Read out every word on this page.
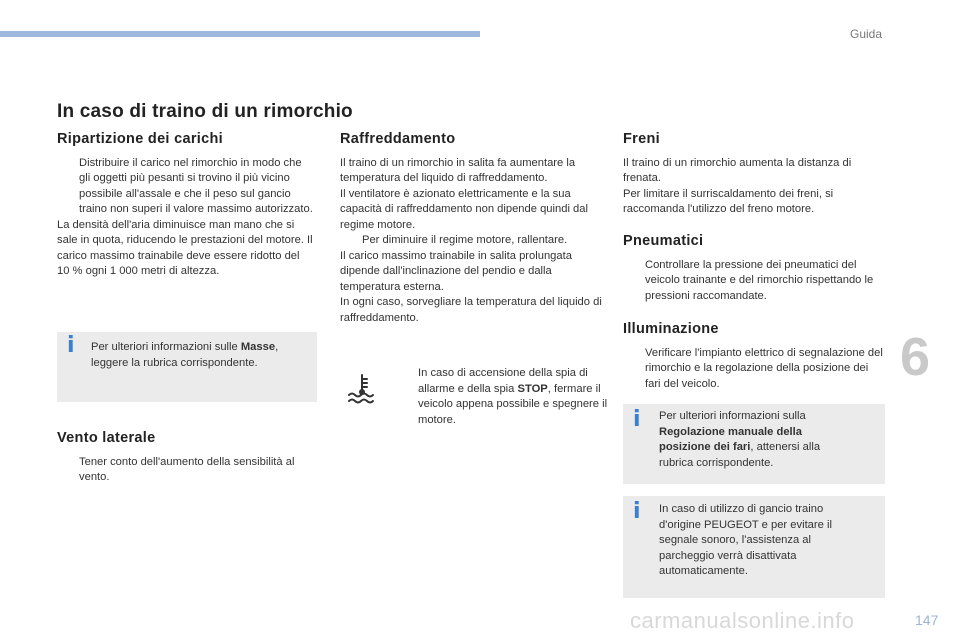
Guida
6
In caso di traino di un rimorchio
Ripartizione dei carichi

Distribuire il carico nel rimorchio in modo che gli oggetti più pesanti si trovino il più vicino possibile all'assale e che il peso sul gancio traino non superi il valore massimo autorizzato.

La densità dell'aria diminuisce man mano che si sale in quota, riducendo le prestazioni del motore. Il carico massimo trainabile deve essere ridotto del 10 % ogni 1 000 metri di altezza.

i Per ulteriori informazioni sulle Masse, leggere la rubrica corrispondente.
Vento laterale

Tener conto dell'aumento della sensibilità al vento.

Raffreddamento

Il traino di un rimorchio in salita fa aumentare la temperatura del liquido di raffreddamento.

Il ventilatore è azionato elettricamente e la sua capacità di raffreddamento non dipende quindi dal regime motore.

Per diminuire il regime motore, rallentare.

Il carico massimo trainabile in salita prolungata dipende dall'inclinazione del pendio e dalla temperatura esterna.

In ogni caso, sorvegliare la temperatura del liquido di raffreddamento.

In caso di accensione della spia di allarme e della spia STOP, fermare il veicolo appena possibile e spegnere il motore.
Freni

Il traino di un rimorchio aumenta la distanza di frenata.

Per limitare il surriscaldamento dei freni, si raccomanda l'utilizzo del freno motore.

Pneumatici

Controllare la pressione dei pneumatici del veicolo trainante e del rimorchio rispettando le pressioni raccomandate.

Illuminazione

Verificare l'impianto elettrico di segnalazione del rimorchio e la regolazione della posizione dei fari del veicolo.

i Per ulteriori informazioni sulla Regolazione manuale della posizione dei fari, attenersi alla rubrica corrispondente.
i In caso di utilizzo di gancio traino d'origine PEUGEOT e per evitare il segnale sonoro, l'assistenza al parcheggio verrà disattivata automaticamente.
carmanualsonline.info	147
